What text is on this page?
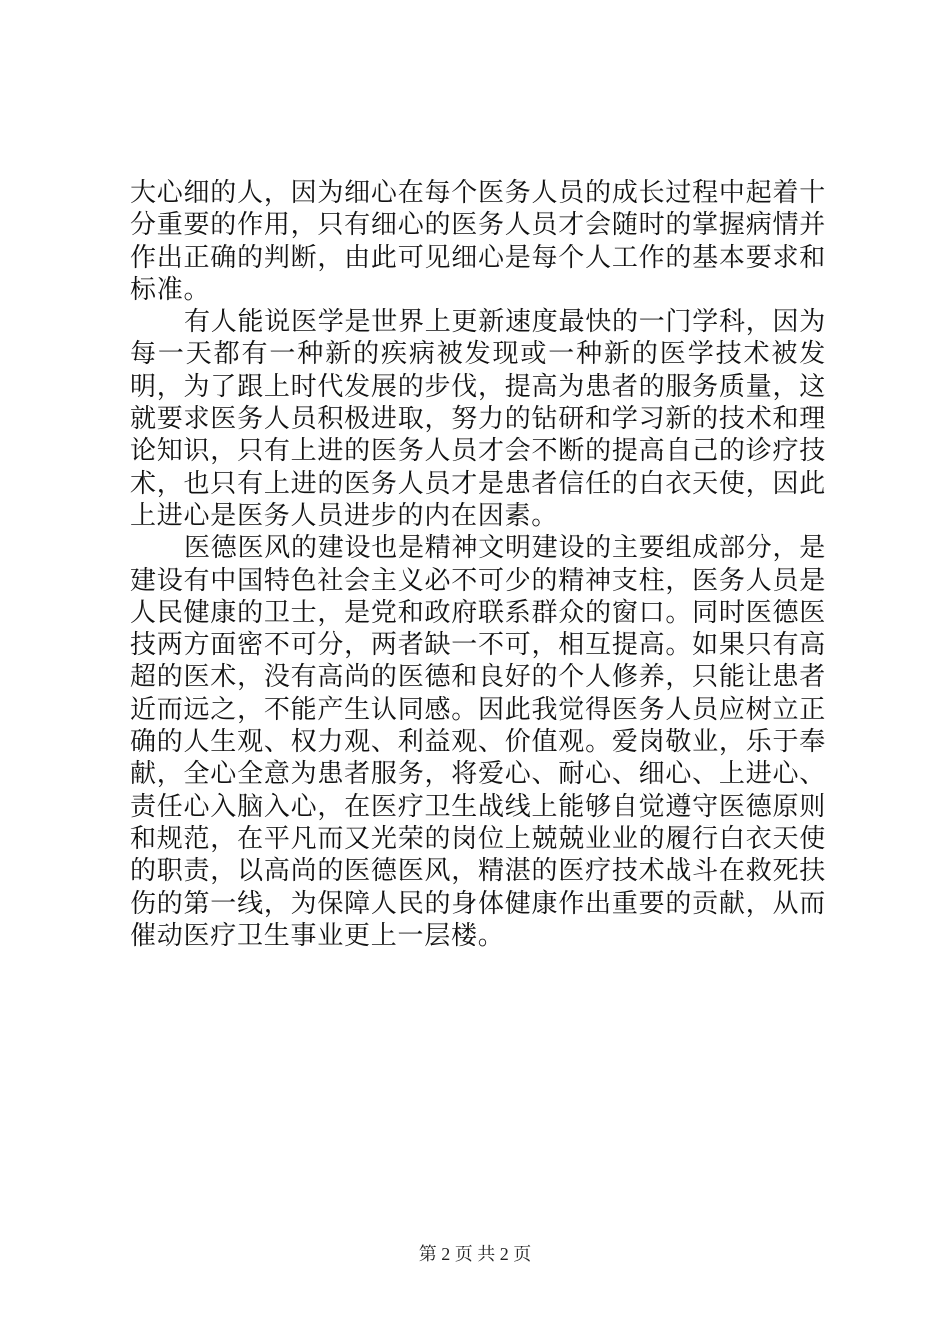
大心细的人，因为细心在每个医务人员的成长过程中起着十分重要的作用，只有细心的医务人员才会随时的掌握病情并作出正确的判断，由此可见细心是每个人工作的基本要求和标准。

有人能说医学是世界上更新速度最快的一门学科，因为每一天都有一种新的疾病被发现或一种新的医学技术被发明，为了跟上时代发展的步伐，提高为患者的服务质量，这就要求医务人员积极进取，努力的钻研和学习新的技术和理论知识，只有上进的医务人员才会不断的提高自己的诊疗技术，也只有上进的医务人员才是患者信任的白衣天使，因此上进心是医务人员进步的内在因素。

医德医风的建设也是精神文明建设的主要组成部分，是建设有中国特色社会主义必不可少的精神支柱，医务人员是人民健康的卫士，是党和政府联系群众的窗口。同时医德医技两方面密不可分，两者缺一不可，相互提高。如果只有高超的医术，没有高尚的医德和良好的个人修养，只能让患者近而远之，不能产生认同感。因此我觉得医务人员应树立正确的人生观、权力观、利益观、价值观。爱岗敬业，乐于奉献，全心全意为患者服务，将爱心、耐心、细心、上进心、责任心入脑入心，在医疗卫生战线上能够自觉遵守医德原则和规范，在平凡而又光荣的岗位上兢兢业业的履行白衣天使的职责，以高尚的医德医风，精湛的医疗技术战斗在救死扶伤的第一线，为保障人民的身体健康作出重要的贡献，从而催动医疗卫生事业更上一层楼。

第 2 页 共 2 页
